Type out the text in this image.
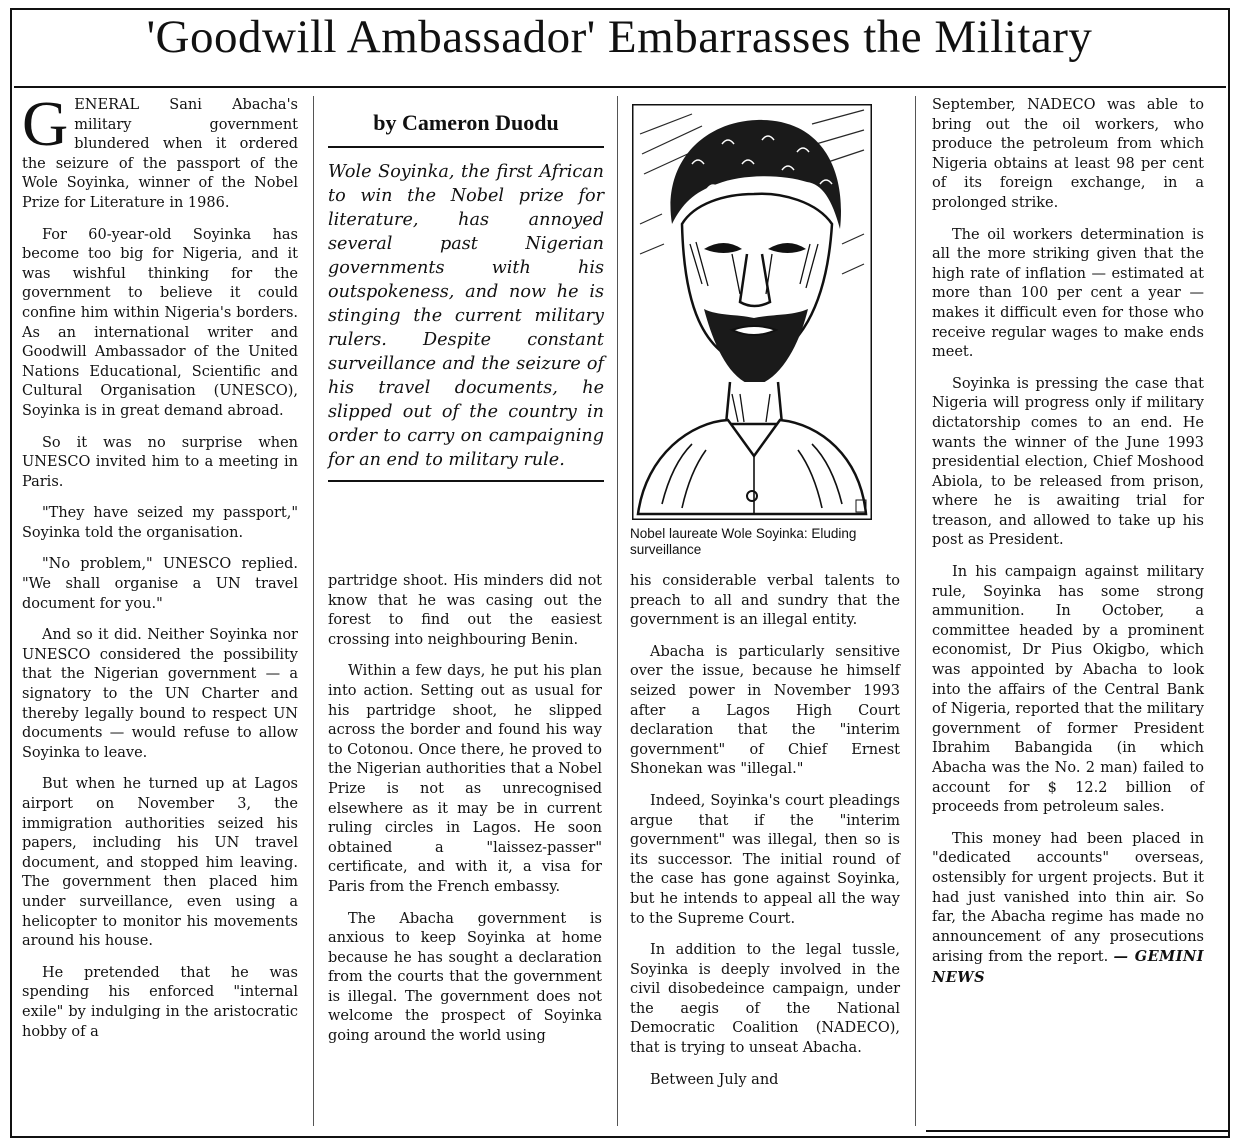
'Goodwill Ambassador' Embarrasses the Military

GENERAL Sani Abacha's military government blundered when it ordered the seizure of the passport of the Wole Soyinka, winner of the Nobel Prize for Literature in 1986.

For 60-year-old Soyinka has become too big for Nigeria, and it was wishful thinking for the government to believe it could confine him within Nigeria's borders. As an international writer and Goodwill Ambassador of the United Nations Educational, Scientific and Cultural Organisation (UNESCO), Soyinka is in great demand abroad.

So it was no surprise when UNESCO invited him to a meeting in Paris.

"They have seized my passport," Soyinka told the organisation.

"No problem," UNESCO replied. "We shall organise a UN travel document for you."

And so it did. Neither Soyinka nor UNESCO considered the possibility that the Nigerian government — a signatory to the UN Charter and thereby legally bound to respect UN documents — would refuse to allow Soyinka to leave.

But when he turned up at Lagos airport on November 3, the immigration authorities seized his papers, including his UN travel document, and stopped him leaving. The government then placed him under surveillance, even using a helicopter to monitor his movements around his house.

He pretended that he was spending his enforced "internal exile" by indulging in the aristocratic hobby of a

by Cameron Duodu
Wole Soyinka, the first African to win the Nobel prize for literature, has annoyed several past Nigerian governments with his outspokeness, and now he is stinging the current military rulers. Despite constant surveillance and the seizure of his travel documents, he slipped out of the country in order to carry on campaigning for an end to military rule.
Nobel laureate Wole Soyinka: Eluding surveillance

partridge shoot. His minders did not know that he was casing out the forest to find out the easiest crossing into neighbouring Benin.

Within a few days, he put his plan into action. Setting out as usual for his partridge shoot, he slipped across the border and found his way to Cotonou. Once there, he proved to the Nigerian authorities that a Nobel Prize is not as unrecognised elsewhere as it may be in current ruling circles in Lagos. He soon obtained a "laissez-passer" certificate, and with it, a visa for Paris from the French embassy.

The Abacha government is anxious to keep Soyinka at home because he has sought a declaration from the courts that the government is illegal. The government does not welcome the prospect of Soyinka going around the world using

his considerable verbal talents to preach to all and sundry that the government is an illegal entity.

Abacha is particularly sensitive over the issue, because he himself seized power in November 1993 after a Lagos High Court declaration that the "interim government" of Chief Ernest Shonekan was "illegal."

Indeed, Soyinka's court pleadings argue that if the "interim government" was illegal, then so is its successor. The initial round of the case has gone against Soyinka, but he intends to appeal all the way to the Supreme Court.

In addition to the legal tussle, Soyinka is deeply involved in the civil disobedeince campaign, under the aegis of the National Democratic Coalition (NADECO), that is trying to unseat Abacha.

Between July and

September, NADECO was able to bring out the oil workers, who produce the petroleum from which Nigeria obtains at least 98 per cent of its foreign exchange, in a prolonged strike.

The oil workers determination is all the more striking given that the high rate of inflation — estimated at more than 100 per cent a year — makes it difficult even for those who receive regular wages to make ends meet.

Soyinka is pressing the case that Nigeria will progress only if military dictatorship comes to an end. He wants the winner of the June 1993 presidential election, Chief Moshood Abiola, to be released from prison, where he is awaiting trial for treason, and allowed to take up his post as President.

In his campaign against military rule, Soyinka has some strong ammunition. In October, a committee headed by a prominent economist, Dr Pius Okigbo, which was appointed by Abacha to look into the affairs of the Central Bank of Nigeria, reported that the military government of former President Ibrahim Babangida (in which Abacha was the No. 2 man) failed to account for $ 12.2 billion of proceeds from petroleum sales.

This money had been placed in "dedicated accounts" overseas, ostensibly for urgent projects. But it had just vanished into thin air. So far, the Abacha regime has made no announcement of any prosecutions arising from the report. — GEMINI NEWS
